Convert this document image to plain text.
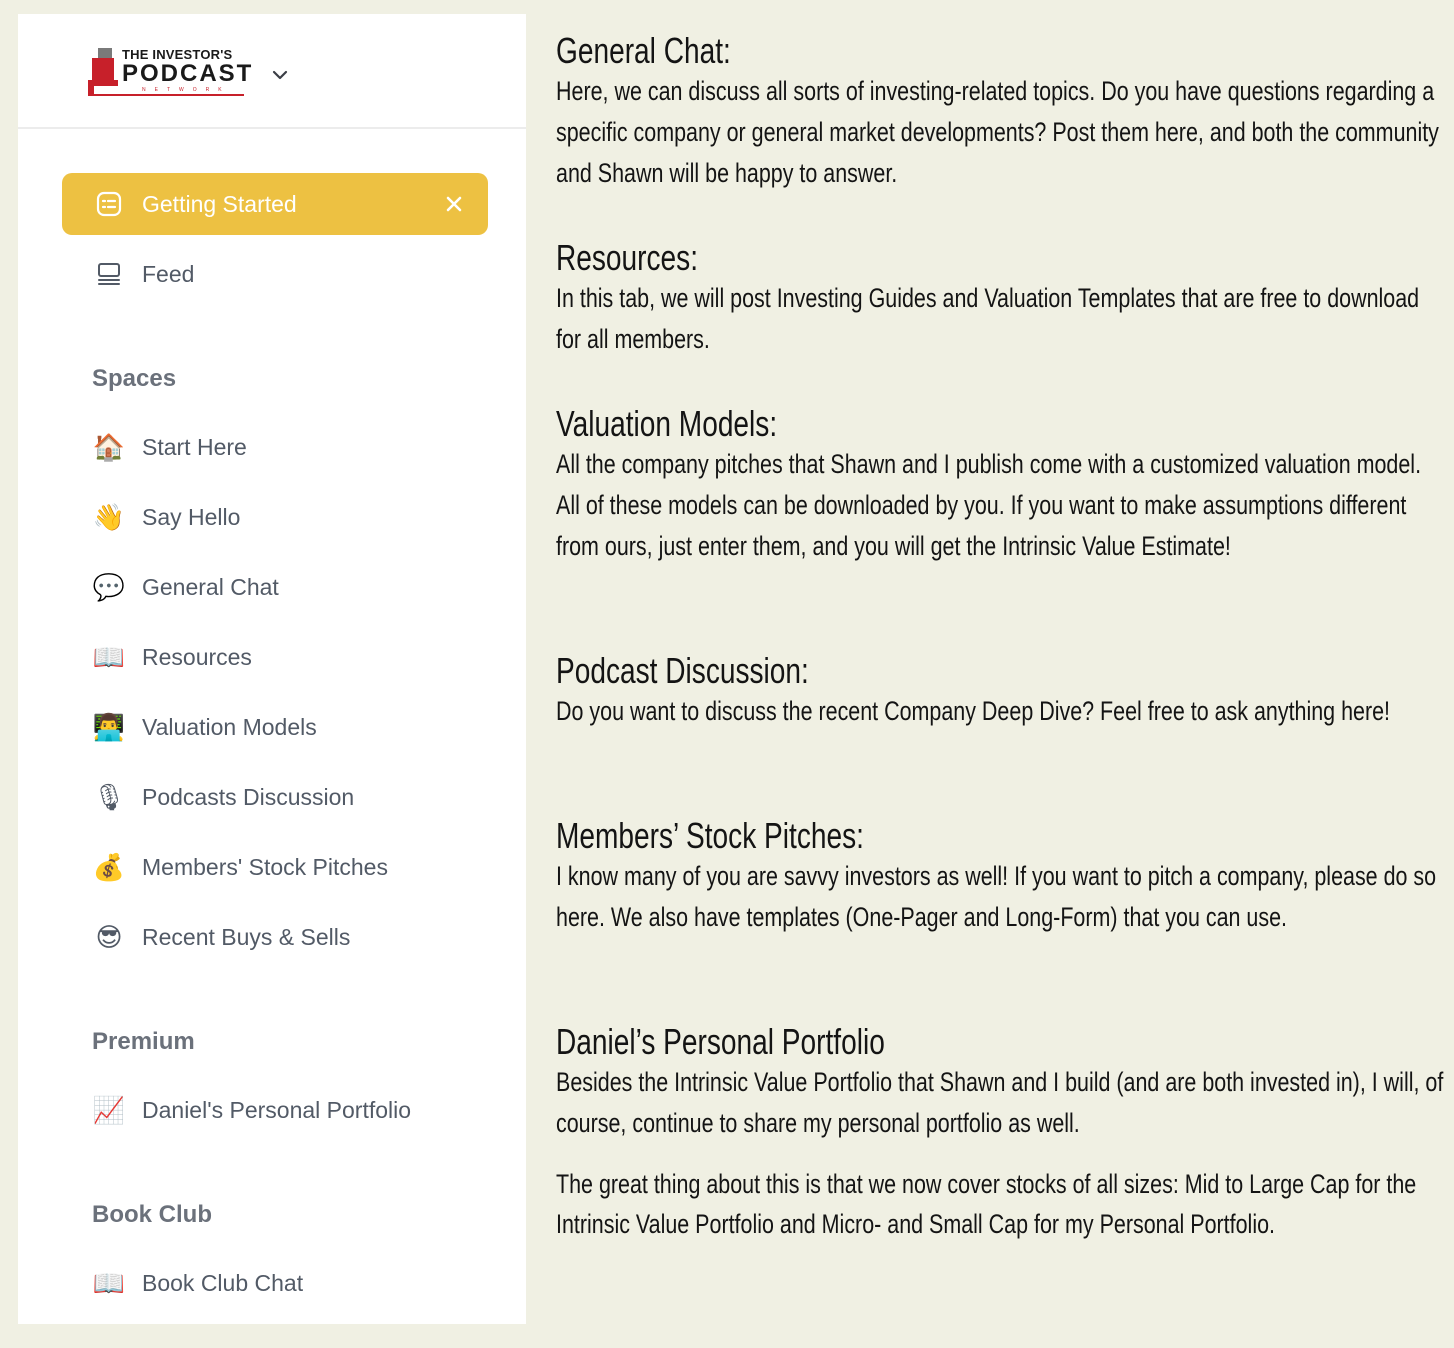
THE INVESTOR'S
PODCAST
NETWORK
Getting Started
Feed
Spaces
🏠 Start Here
👋 Say Hello
💬 General Chat
📖 Resources
👨‍💻 Valuation Models
🎙 Podcasts Discussion
💰 Members' Stock Pitches
😎 Recent Buys & Sells
Premium
📈 Daniel's Personal Portfolio
Book Club
📖 Book Club Chat
General Chat:

Here, we can discuss all sorts of investing-related topics. Do you have questions regarding a specific company or general market developments? Post them here, and both the community and Shawn will be happy to answer.

Resources:

In this tab, we will post Investing Guides and Valuation Templates that are free to download for all members.

Valuation Models:

All the company pitches that Shawn and I publish come with a customized valuation model. All of these models can be downloaded by you. If you want to make assumptions different from ours, just enter them, and you will get the Intrinsic Value Estimate!

Podcast Discussion:

Do you want to discuss the recent Company Deep Dive? Feel free to ask anything here!

Members’ Stock Pitches:

I know many of you are savvy investors as well! If you want to pitch a company, please do so here. We also have templates (One-Pager and Long-Form) that you can use.

Daniel’s Personal Portfolio

Besides the Intrinsic Value Portfolio that Shawn and I build (and are both invested in), I will, of course, continue to share my personal portfolio as well.

The great thing about this is that we now cover stocks of all sizes: Mid to Large Cap for the Intrinsic Value Portfolio and Micro- and Small Cap for my Personal Portfolio.
